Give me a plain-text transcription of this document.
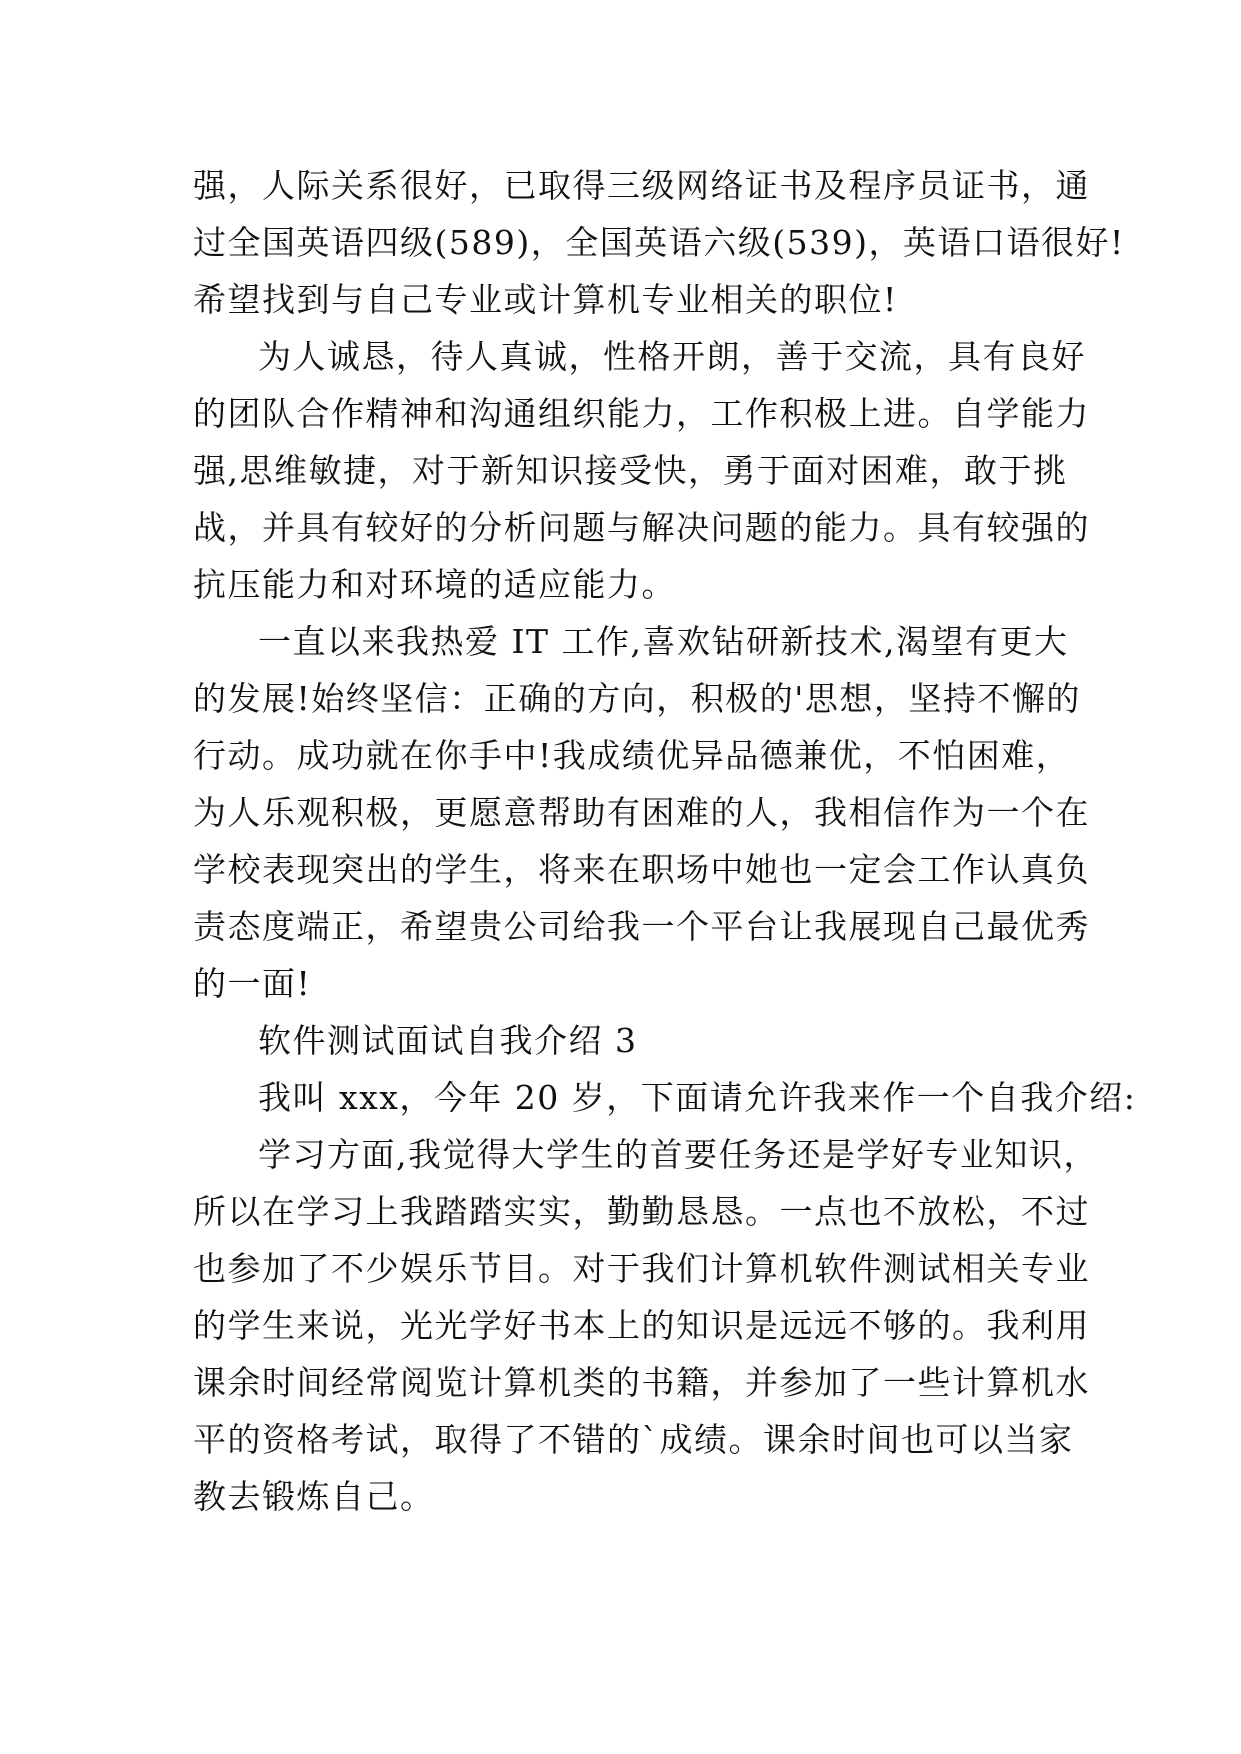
强，人际关系很好，已取得三级网络证书及程序员证书，通
过全国英语四级(589)，全国英语六级(539)，英语口语很好!
希望找到与自己专业或计算机专业相关的职位!
为人诚恳，待人真诚，性格开朗，善于交流，具有良好
的团队合作精神和沟通组织能力，工作积极上进。自学能力
强,思维敏捷，对于新知识接受快，勇于面对困难，敢于挑
战，并具有较好的分析问题与解决问题的能力。具有较强的
抗压能力和对环境的适应能力。
一直以来我热爱 IT 工作,喜欢钻研新技术,渴望有更大
的发展!始终坚信：正确的方向，积极的'思想，坚持不懈的
行动。成功就在你手中!我成绩优异品德兼优，不怕困难，
为人乐观积极，更愿意帮助有困难的人，我相信作为一个在
学校表现突出的学生，将来在职场中她也一定会工作认真负
责态度端正，希望贵公司给我一个平台让我展现自己最优秀
的一面!
软件测试面试自我介绍 3
我叫 xxx，今年 20 岁，下面请允许我来作一个自我介绍:
学习方面,我觉得大学生的首要任务还是学好专业知识，
所以在学习上我踏踏实实，勤勤恳恳。一点也不放松，不过
也参加了不少娱乐节目。对于我们计算机软件测试相关专业
的学生来说，光光学好书本上的知识是远远不够的。我利用
课余时间经常阅览计算机类的书籍，并参加了一些计算机水
平的资格考试，取得了不错的`成绩。课余时间也可以当家
教去锻炼自己。
